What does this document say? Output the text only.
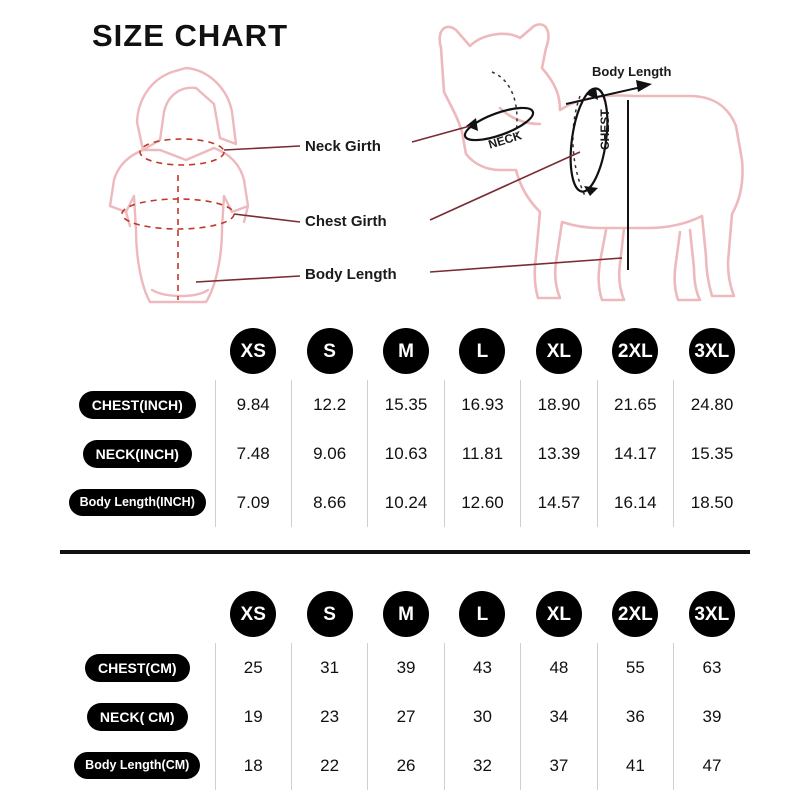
SIZE CHART
Neck Girth
Chest Girth
Body Length
NECK	CHEST
Body Length
	XS	S	M	L	XL	2XL	3XL
CHEST(INCH)	9.84	12.2	15.35	16.93	18.90	21.65	24.80
NECK(INCH)	7.48	9.06	10.63	11.81	13.39	14.17	15.35
Body Length(INCH)	7.09	8.66	10.24	12.60	14.57	16.14	18.50
	XS	S	M	L	XL	2XL	3XL
CHEST(CM)	25	31	39	43	48	55	63
NECK( CM)	19	23	27	30	34	36	39
Body Length(CM)	18	22	26	32	37	41	47
